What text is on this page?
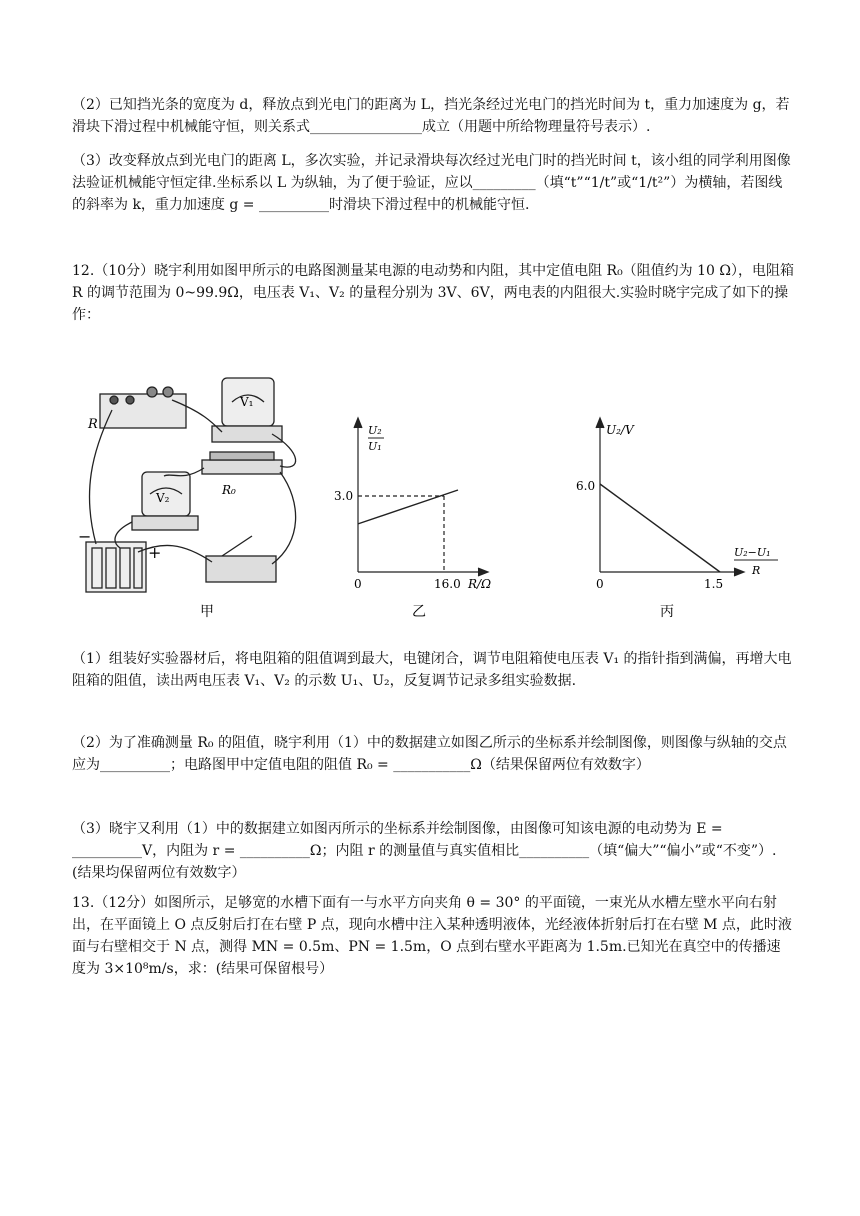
（2）已知挡光条的宽度为 d，释放点到光电门的距离为 L，挡光条经过光电门的挡光时间为 t，重力加速度为 g，若滑块下滑过程中机械能守恒，则关系式________________成立（用题中所给物理量符号表示）.
（3）改变释放点到光电门的距离 L，多次实验，并记录滑块每次经过光电门时的挡光时间 t，该小组的同学利用图像法验证机械能守恒定律.坐标系以 L 为纵轴，为了便于验证，应以_________（填“t”“1/t”或“1/t²”）为横轴，若图线的斜率为 k，重力加速度 g = __________时滑块下滑过程中的机械能守恒.
12.（10分）晓宇利用如图甲所示的电路图测量某电源的电动势和内阻，其中定值电阻 R₀（阻值约为 10 Ω），电阻箱 R 的调节范围为 0~99.9Ω，电压表 V₁、V₂ 的量程分别为 3V、6V，两电表的内阻很大.实验时晓宇完成了如下的操作：
R
V₁
R₀
V₂
−
+
甲
U₂
U₁
3.0
16.0
0	R/Ω
乙
U₂/V
6.0
1.5
0
U₂−U₁
R
丙
（1）组装好实验器材后，将电阻箱的阻值调到最大，电键闭合，调节电阻箱使电压表 V₁ 的指针指到满偏，再增大电阻箱的阻值，读出两电压表 V₁、V₂ 的示数 U₁、U₂，反复调节记录多组实验数据.
（2）为了准确测量 R₀ 的阻值，晓宇利用（1）中的数据建立如图乙所示的坐标系并绘制图像，则图像与纵轴的交点应为__________；电路图甲中定值电阻的阻值 R₀ = ___________Ω（结果保留两位有效数字）
（3）晓宇又利用（1）中的数据建立如图丙所示的坐标系并绘制图像，由图像可知该电源的电动势为 E = __________V，内阻为 r = __________Ω；内阻 r 的测量值与真实值相比__________（填“偏大”“偏小”或“不变”）.(结果均保留两位有效数字）
13.（12分）如图所示，足够宽的水槽下面有一与水平方向夹角 θ = 30° 的平面镜，一束光从水槽左壁水平向右射出，在平面镜上 O 点反射后打在右壁 P 点，现向水槽中注入某种透明液体，光经液体折射后打在右壁 M 点，此时液面与右壁相交于 N 点，测得 MN = 0.5m、PN = 1.5m，O 点到右壁水平距离为 1.5m.已知光在真空中的传播速度为 3×10⁸m/s，求：(结果可保留根号）
